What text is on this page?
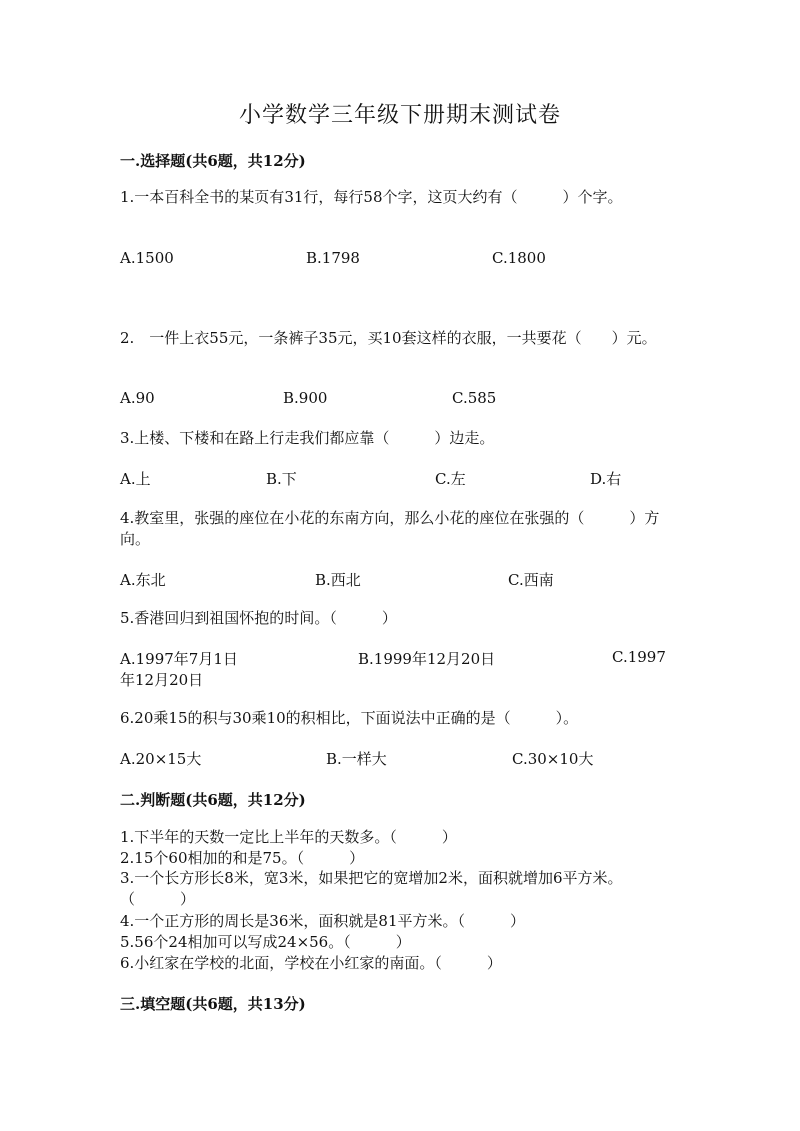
小学数学三年级下册期末测试卷
一.选择题(共6题，共12分)
1.一本百科全书的某页有31行，每行58个字，这页大约有（　　　）个字。
A.1500	B.1798	C.1800
2.　一件上衣55元，一条裤子35元，买10套这样的衣服，一共要花（　　）元。
A.90	B.900	C.585
3.上楼、下楼和在路上行走我们都应靠（　　　）边走。
A.上	B.下	C.左	D.右
4.教室里，张强的座位在小花的东南方向，那么小花的座位在张强的（　　　）方向。
A.东北	B.西北	C.西南
5.香港回归到祖国怀抱的时间。（　　　）
A.1997年7月1日	B.1999年12月20日	C.1997
年12月20日
6.20乘15的积与30乘10的积相比，下面说法中正确的是（　　　）。
A.20×15大	B.一样大	C.30×10大
二.判断题(共6题，共12分)
1.下半年的天数一定比上半年的天数多。（　　　）
2.15个60相加的和是75。（　　　）
3.一个长方形长8米，宽3米，如果把它的宽增加2米，面积就增加6平方米。（　　　）
4.一个正方形的周长是36米，面积就是81平方米。（　　　）
5.56个24相加可以写成24×56。（　　　）
6.小红家在学校的北面，学校在小红家的南面。（　　　）
三.填空题(共6题，共13分)
